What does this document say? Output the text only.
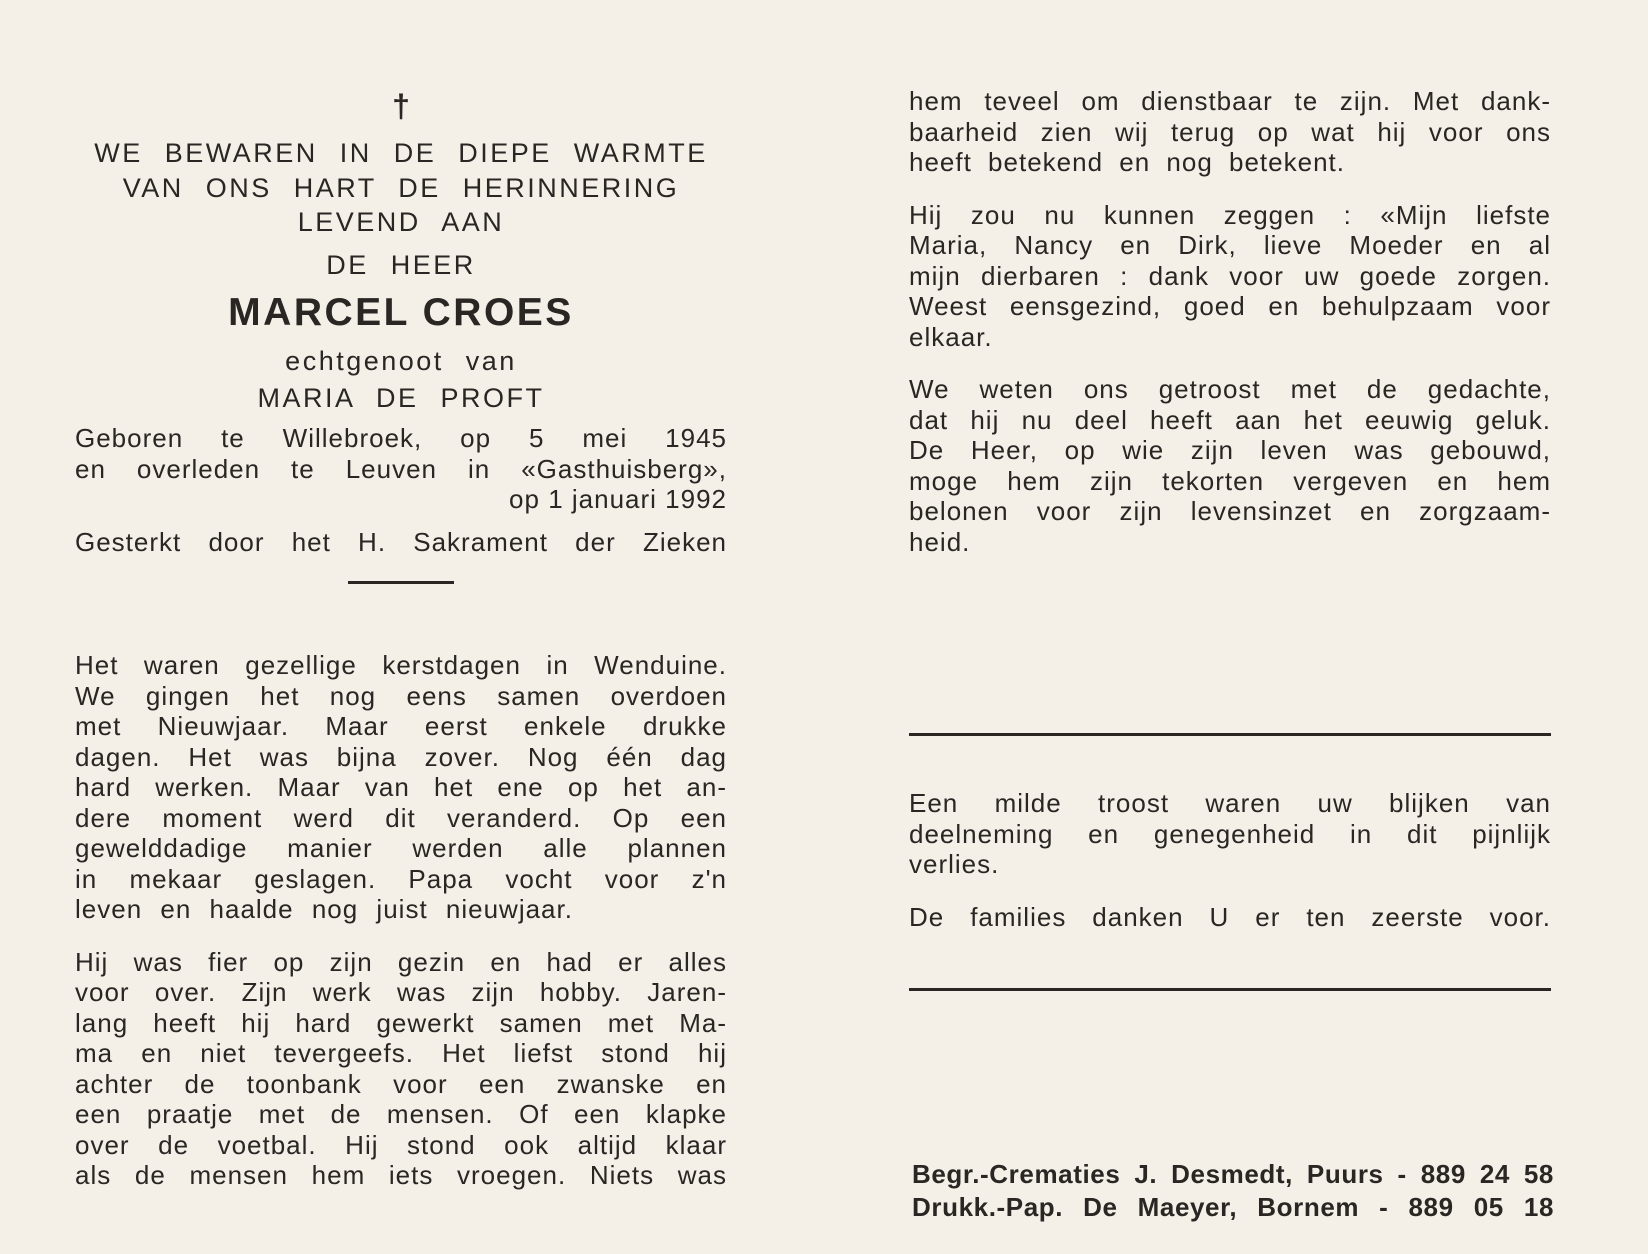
†
WE BEWAREN IN DE DIEPE WARMTE
VAN ONS HART DE HERINNERING
LEVEND AAN
DE HEER
MARCEL CROES
echtgenoot van
MARIA DE PROFT
Geboren te Willebroek, op 5 mei 1945
en overleden te Leuven in «Gasthuisberg»,
op 1 januari 1992
Gesterkt door het H. Sakrament der Zieken
Het waren gezellige kerstdagen in Wenduine.
We gingen het nog eens samen overdoen
met Nieuwjaar. Maar eerst enkele drukke
dagen. Het was bijna zover. Nog één dag
hard werken. Maar van het ene op het an-
dere moment werd dit veranderd. Op een
gewelddadige manier werden alle plannen
in mekaar geslagen. Papa vocht voor z'n
leven en haalde nog juist nieuwjaar.
Hij was fier op zijn gezin en had er alles
voor over. Zijn werk was zijn hobby. Jaren-
lang heeft hij hard gewerkt samen met Ma-
ma en niet tevergeefs. Het liefst stond hij
achter de toonbank voor een zwanske en
een praatje met de mensen. Of een klapke
over de voetbal. Hij stond ook altijd klaar
als de mensen hem iets vroegen. Niets was
hem teveel om dienstbaar te zijn. Met dank-
baarheid zien wij terug op wat hij voor ons
heeft betekend en nog betekent.
Hij zou nu kunnen zeggen : «Mijn liefste
Maria, Nancy en Dirk, lieve Moeder en al
mijn dierbaren : dank voor uw goede zorgen.
Weest eensgezind, goed en behulpzaam voor
elkaar.
We weten ons getroost met de gedachte,
dat hij nu deel heeft aan het eeuwig geluk.
De Heer, op wie zijn leven was gebouwd,
moge hem zijn tekorten vergeven en hem
belonen voor zijn levensinzet en zorgzaam-
heid.
Een milde troost waren uw blijken van
deelneming en genegenheid in dit pijnlijk
verlies.
De families danken U er ten zeerste voor.
Begr.-Crematies J. Desmedt, Puurs - 889 24 58
Drukk.-Pap. De Maeyer, Bornem - 889 05 18
